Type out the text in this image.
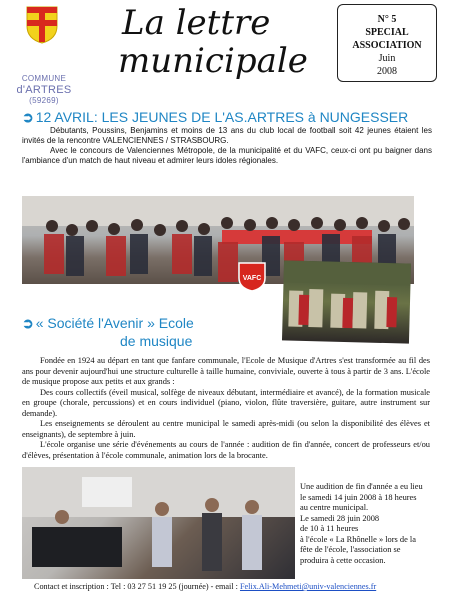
COMMUNE
d'ARTRES
(59269)
La lettre
municipale
N° 5
SPECIAL
ASSOCIATION
Juin
2008
➲ 12 AVRIL: LES JEUNES DE L'AS.ARTRES à NUNGESSER
Débutants, Poussins, Benjamins et moins de 13 ans du club local de football soit 42 jeunes étaient les invités de la rencontre VALENCIENNES / STRASBOURG.
Avec le concours de Valenciennes Métropole, de la municipalité et du VAFC, ceux-ci ont pu baigner dans l'ambiance d'un match de haut niveau et admirer leurs idoles régionales.
VAFC
➲ « Société l'Avenir » Ecole
de musique
Fondée en 1924 au départ en tant que fanfare communale, l'Ecole de Musique d'Artres s'est transformée au fil des ans pour devenir aujourd'hui une structure culturelle à taille humaine, conviviale, ouverte à tous à partir de 3 ans. L'école de musique propose aux petits et aux grands :
Des cours collectifs (éveil musical, solfège de niveaux débutant, intermédiaire et avancé), de la formation musicale en groupe (chorale, percussions) et en cours individuel (piano, violon, flûte traversière, guitare, autre instrument sur demande).
Les enseignements se déroulent au centre municipal le samedi après-midi (ou selon la disponibilité des élèves et enseignants), de septembre à juin.
L'école organise une série d'événements au cours de l'année : audition de fin d'année, concert de professeurs et/ou d'élèves, présentation à l'école communale, animation lors de la brocante.
Une audition de fin d'année a eu lieu
le samedi 14 juin 2008 à 18 heures
au centre municipal.
Le samedi 28 juin 2008
de 10 à 11 heures
à l'école « La Rhônelle » lors de la
fête de l'école, l'association se
produira à cette occasion.
Contact et inscription : Tel : 03 27 51 19 25 (journée) - email : Felix.Ali-Mehmeti@univ-valenciennes.fr
